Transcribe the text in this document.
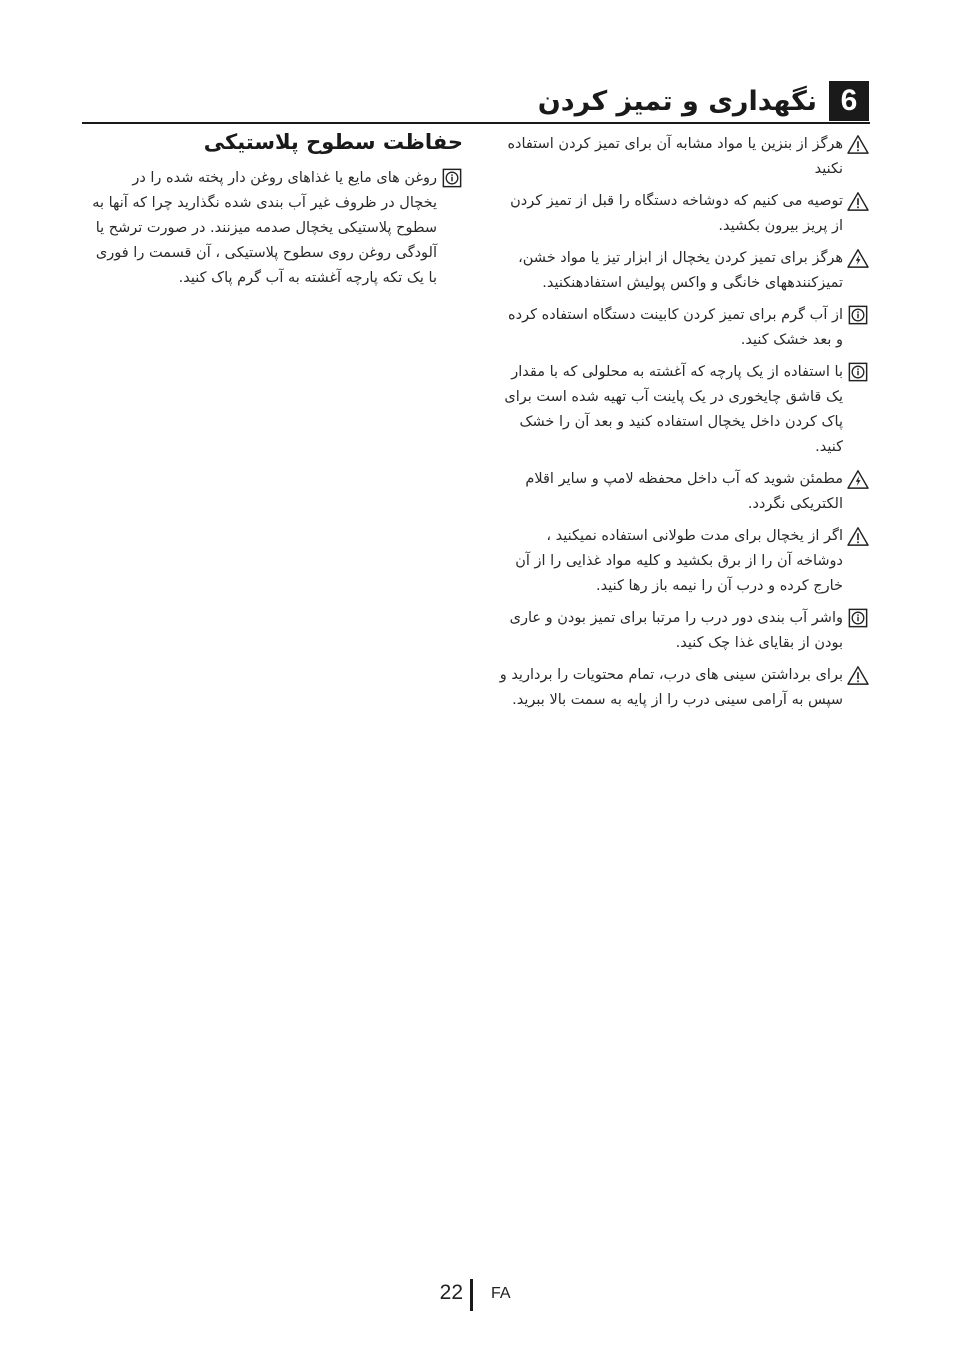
6
نگهداری و تمیز کردن
هرگز از بنزین یا مواد مشابه آن برای تمیز کردن استفاده نکنید
توصیه می کنیم که دوشاخه دستگاه را قبل از تمیز کردن از پریز بیرون بکشید.
هرگز برای تمیز کردن یخچال از ابزار تیز یا مواد خشن، تمیزکنندههای خانگی و واکس پولیش استفادهنکنید.
از آب گرم برای تمیز کردن کابینت دستگاه استفاده کرده و بعد خشک کنید.
با استفاده از یک پارچه که آغشته به محلولی که با مقدار یک قاشق چایخوری در یک پاینت آب تهیه شده است برای پاک کردن داخل یخچال استفاده کنید و بعد آن را خشک کنید.
مطمئن شوید که آب داخل محفظه لامپ و سایر اقلام الکتریکی نگردد.
اگر از یخچال برای مدت طولانی استفاده نمیکنید ، دوشاخه آن را از برق بکشید و کلیه مواد غذایی را از آن خارج کرده و درب آن را نیمه باز رها کنید.
واشر آب بندی دور درب را مرتبا برای تمیز بودن و عاری بودن از بقایای غذا چک کنید.
برای برداشتن سینی های درب، تمام محتویات را بردارید و سپس به آرامی سینی درب را از پایه به سمت بالا ببرید.
حفاظت سطوح پلاستیکی
روغن های مایع یا غذاهای روغن دار پخته شده را در یخچال در ظروف غیر آب بندی شده نگذارید چرا که آنها به سطوح پلاستیکی یخچال صدمه میزنند. در صورت ترشح یا آلودگی روغن روی سطوح پلاستیکی ، آن قسمت را فوری با یک تکه پارچه آغشته به آب گرم پاک کنید.
22 FA
